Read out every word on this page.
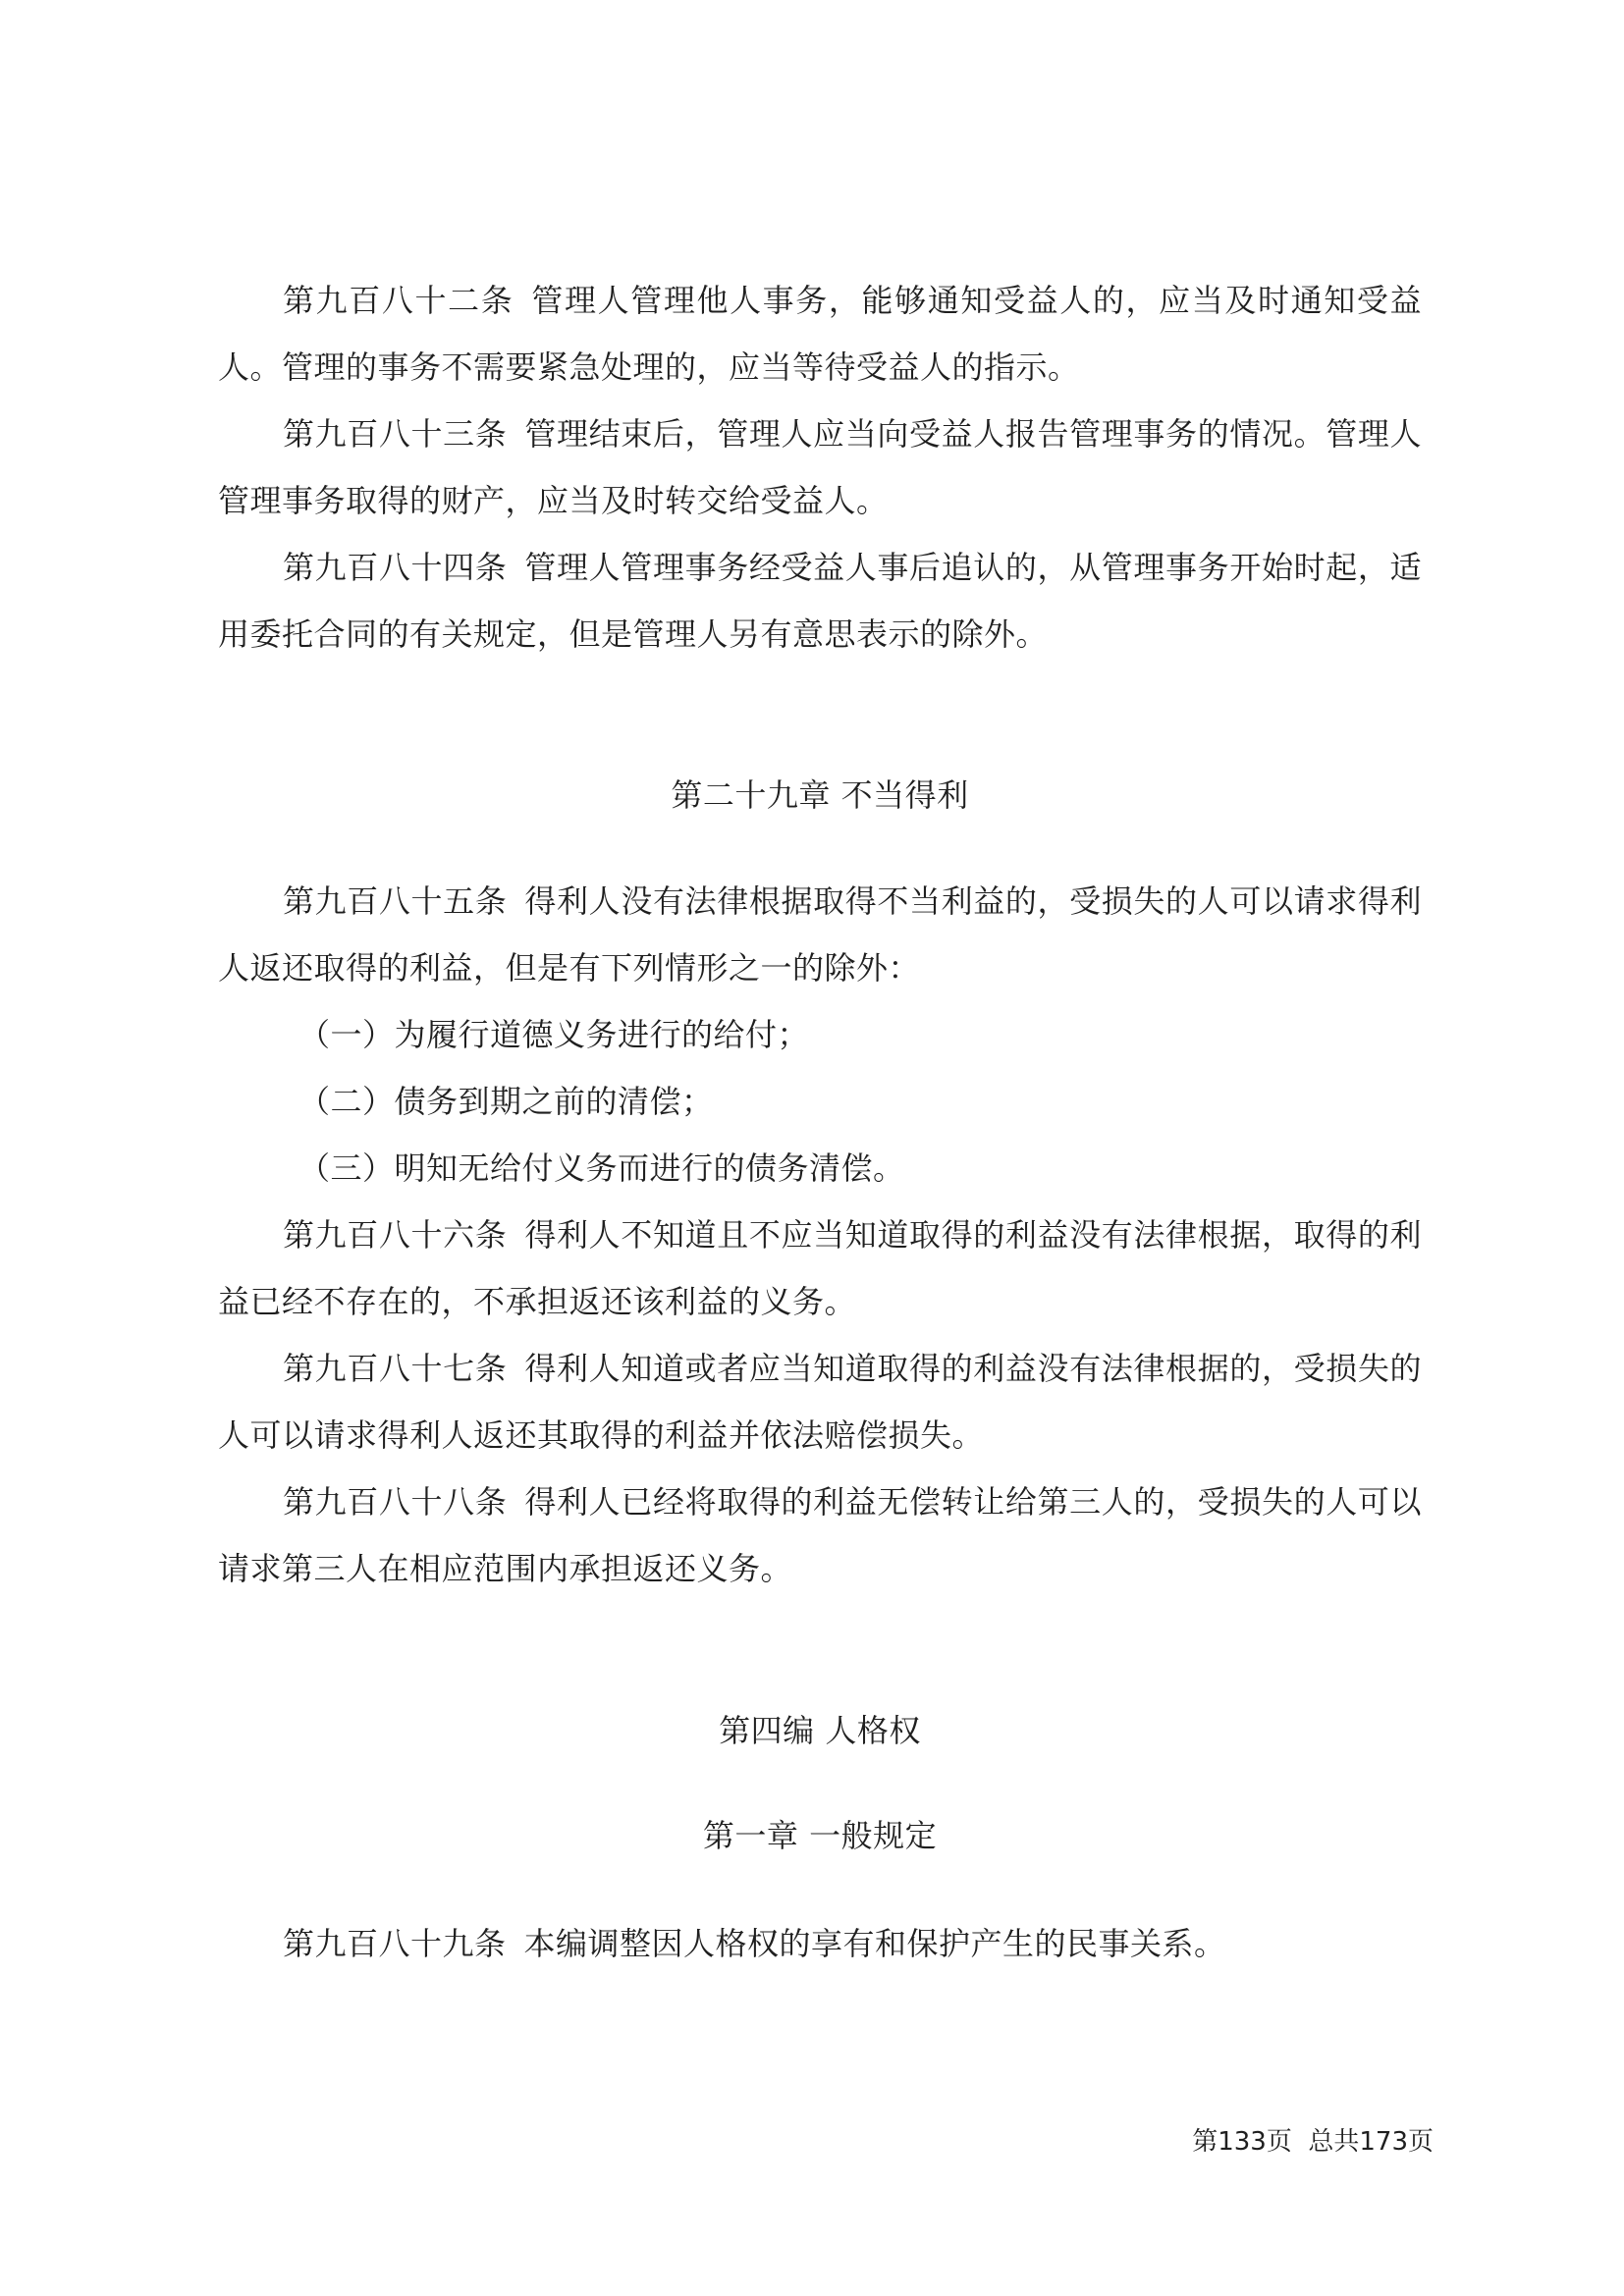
第九百八十二条 管理人管理他人事务，能够通知受益人的，应当及时通知受益人。管理的事务不需要紧急处理的，应当等待受益人的指示。

第九百八十三条 管理结束后，管理人应当向受益人报告管理事务的情况。管理人管理事务取得的财产，应当及时转交给受益人。

第九百八十四条 管理人管理事务经受益人事后追认的，从管理事务开始时起，适用委托合同的有关规定，但是管理人另有意思表示的除外。

第二十九章 不当得利

第九百八十五条 得利人没有法律根据取得不当利益的，受损失的人可以请求得利人返还取得的利益，但是有下列情形之一的除外：

（一）为履行道德义务进行的给付；

（二）债务到期之前的清偿；

（三）明知无给付义务而进行的债务清偿。

第九百八十六条 得利人不知道且不应当知道取得的利益没有法律根据，取得的利益已经不存在的，不承担返还该利益的义务。

第九百八十七条 得利人知道或者应当知道取得的利益没有法律根据的，受损失的人可以请求得利人返还其取得的利益并依法赔偿损失。

第九百八十八条 得利人已经将取得的利益无偿转让给第三人的，受损失的人可以请求第三人在相应范围内承担返还义务。

第四编 人格权
第一章 一般规定

第九百八十九条 本编调整因人格权的享有和保护产生的民事关系。

第133页  总共173页
